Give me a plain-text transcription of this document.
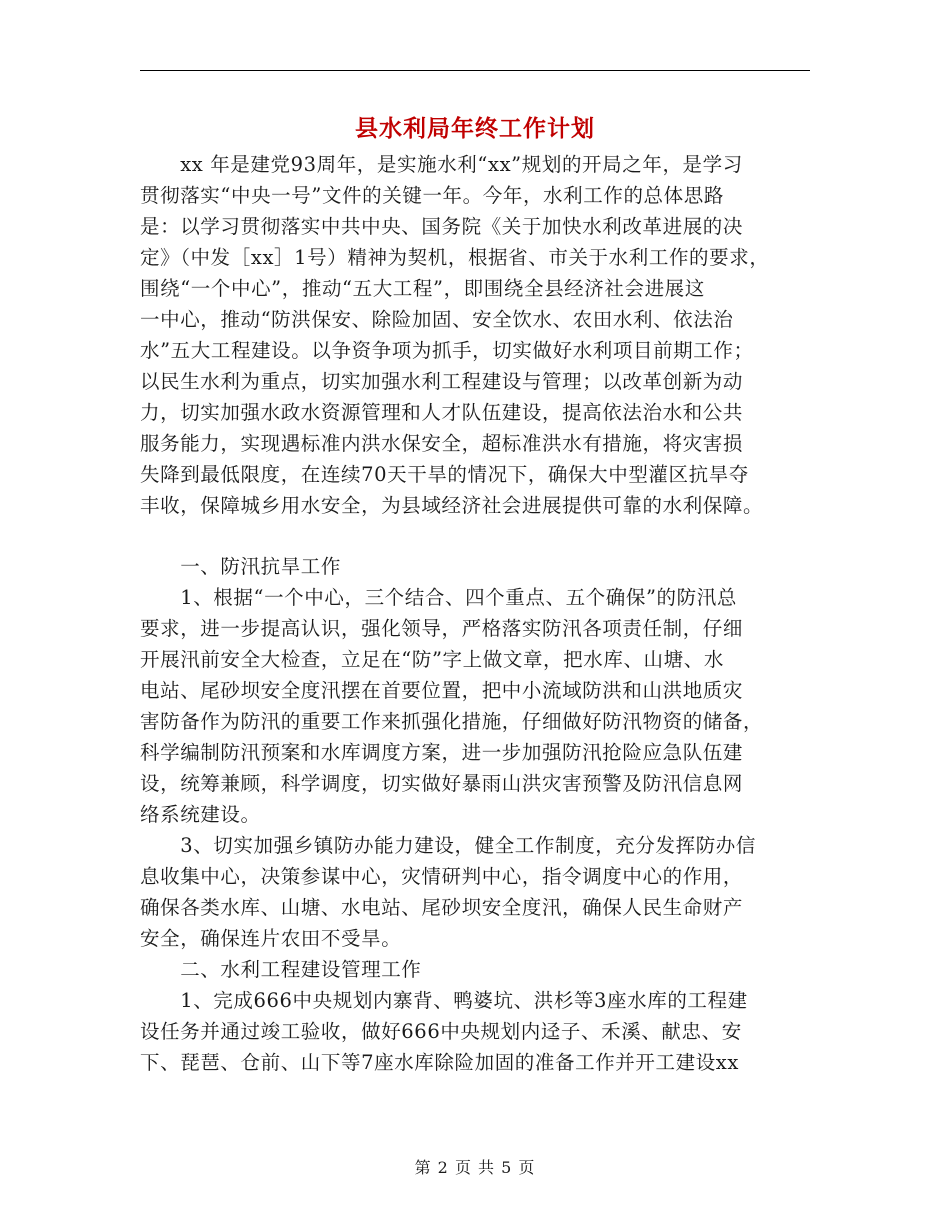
县水利局年终工作计划
　　xx 年是建党93周年，是实施水利“xx”规划的开局之年，是学习
贯彻落实“中央一号”文件的关键一年。今年，水利工作的总体思路
是：以学习贯彻落实中共中央、国务院《关于加快水利改革进展的决
定》（中发［xx］1号）精神为契机，根据省、市关于水利工作的要求，
围绕“一个中心”，推动“五大工程”，即围绕全县经济社会进展这
一中心，推动“防洪保安、除险加固、安全饮水、农田水利、依法治
水”五大工程建设。以争资争项为抓手，切实做好水利项目前期工作；
以民生水利为重点，切实加强水利工程建设与管理；以改革创新为动
力，切实加强水政水资源管理和人才队伍建设，提高依法治水和公共
服务能力，实现遇标准内洪水保安全，超标准洪水有措施，将灾害损
失降到最低限度，在连续70天干旱的情况下，确保大中型灌区抗旱夺
丰收，保障城乡用水安全，为县域经济社会进展提供可靠的水利保障。
　　一、防汛抗旱工作
　　1、根据“一个中心，三个结合、四个重点、五个确保”的防汛总
要求，进一步提高认识，强化领导，严格落实防汛各项责任制，仔细
开展汛前安全大检查，立足在“防”字上做文章，把水库、山塘、水
电站、尾砂坝安全度汛摆在首要位置，把中小流域防洪和山洪地质灾
害防备作为防汛的重要工作来抓强化措施，仔细做好防汛物资的储备，
科学编制防汛预案和水库调度方案，进一步加强防汛抢险应急队伍建
设，统筹兼顾，科学调度，切实做好暴雨山洪灾害预警及防汛信息网
络系统建设。
　　3、切实加强乡镇防办能力建设，健全工作制度，充分发挥防办信
息收集中心，决策参谋中心，灾情研判中心，指令调度中心的作用，
确保各类水库、山塘、水电站、尾砂坝安全度汛，确保人民生命财产
安全，确保连片农田不受旱。
　　二、水利工程建设管理工作
　　1、完成666中央规划内寨背、鸭婆坑、洪杉等3座水库的工程建
设任务并通过竣工验收，做好666中央规划内迳子、禾溪、献忠、安
下、琵琶、仓前、山下等7座水库除险加固的准备工作并开工建设xx
第 2 页 共 5 页
